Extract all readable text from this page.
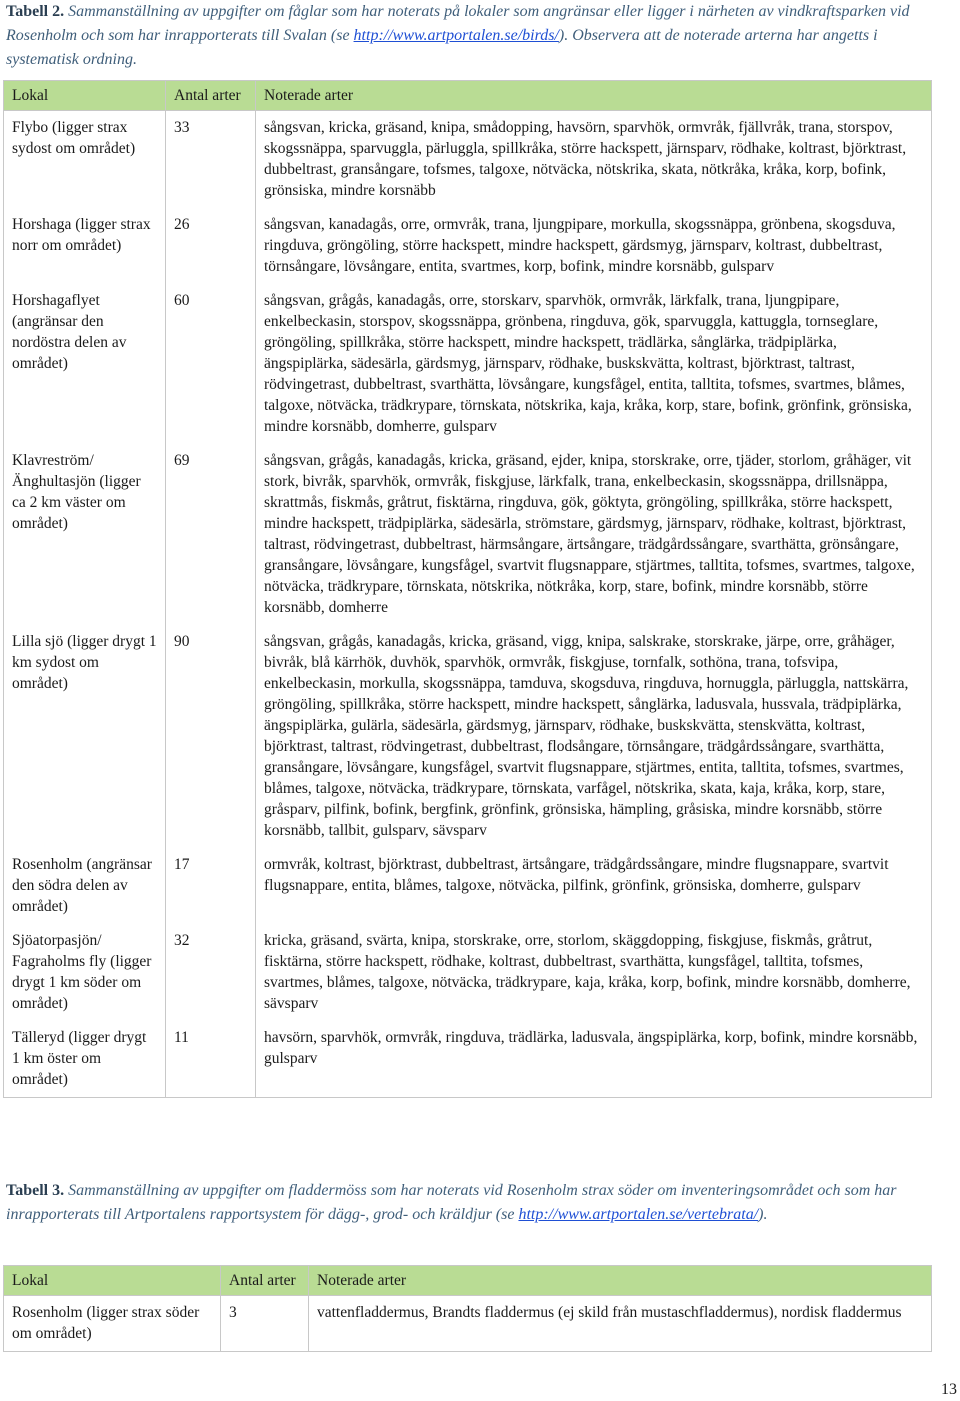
Tabell 2. Sammanställning av uppgifter om fåglar som har noterats på lokaler som angränsar eller ligger i närheten av vindkraftsparken vid Rosenholm och som har inrapporterats till Svalan (se http://www.artportalen.se/birds/). Observera att de noterade arterna har angetts i systematisk ordning.
Lokal	Antal arter	Noterade arter
Flybo (ligger strax sydost om området)	33	sångsvan, kricka, gräsand, knipa, smådopping, havsörn, sparvhök, ormvråk, fjällvråk, trana, storspov, skogssnäppa, sparvuggla, pärluggla, spillkråka, större hackspett, järnsparv, rödhake, koltrast, björktrast, dubbeltrast, gransångare, tofsmes, talgoxe, nötväcka, nötskrika, skata, nötkråka, kråka, korp, bofink, grönsiska, mindre korsnäbb
Horshaga (ligger strax norr om området)	26	sångsvan, kanadagås, orre, ormvråk, trana, ljungpipare, morkulla, skogssnäppa, grönbena, skogsduva, ringduva, gröngöling, större hackspett, mindre hackspett, gärdsmyg, järnsparv, koltrast, dubbeltrast, törnsångare, lövsångare, entita, svartmes, korp, bofink, mindre korsnäbb, gulsparv
Horshagaflyet (angränsar den nordöstra delen av området)	60	sångsvan, grågås, kanadagås, orre, storskarv, sparvhök, ormvråk, lärkfalk, trana, ljungpipare, enkelbeckasin, storspov, skogssnäppa, grönbena, ringduva, gök, sparvuggla, kattuggla, tornseglare, gröngöling, spillkråka, större hackspett, mindre hackspett, trädlärka, sånglärka, trädpiplärka, ängspiplärka, sädesärla, gärdsmyg, järnsparv, rödhake, buskskvätta, koltrast, björktrast, taltrast, rödvingetrast, dubbeltrast, svarthätta, lövsångare, kungsfågel, entita, talltita, tofsmes, svartmes, blåmes, talgoxe, nötväcka, trädkrypare, törnskata, nötskrika, kaja, kråka, korp, stare, bofink, grönfink, grönsiska, mindre korsnäbb, domherre, gulsparv
Klavreström/ Änghultasjön (ligger ca 2 km väster om området)	69	sångsvan, grågås, kanadagås, kricka, gräsand, ejder, knipa, storskrake, orre, tjäder, storlom, gråhäger, vit stork, bivråk, sparvhök, ormvråk, fiskgjuse, lärkfalk, trana, enkelbeckasin, skogssnäppa, drillsnäppa, skrattmås, fiskmås, gråtrut, fisktärna, ringduva, gök, göktyta, gröngöling, spillkråka, större hackspett, mindre hackspett, trädpiplärka, sädesärla, strömstare, gärdsmyg, järnsparv, rödhake, koltrast, björktrast, taltrast, rödvingetrast, dubbeltrast, härmsångare, ärtsångare, trädgårdssångare, svarthätta, grönsångare, gransångare, lövsångare, kungsfågel, svartvit flugsnappare, stjärtmes, talltita, tofsmes, svartmes, talgoxe, nötväcka, trädkrypare, törnskata, nötskrika, nötkråka, korp, stare, bofink, mindre korsnäbb, större korsnäbb, domherre
Lilla sjö (ligger drygt 1 km sydost om området)	90	sångsvan, grågås, kanadagås, kricka, gräsand, vigg, knipa, salskrake, storskrake, järpe, orre, gråhäger, bivråk, blå kärrhök, duvhök, sparvhök, ormvråk, fiskgjuse, tornfalk, sothöna, trana, tofsvipa, enkelbeckasin, morkulla, skogssnäppa, tamduva, skogsduva, ringduva, hornuggla, pärluggla, nattskärra, gröngöling, spillkråka, större hackspett, mindre hackspett, sånglärka, ladusvala, hussvala, trädpiplärka, ängspiplärka, gulärla, sädesärla, gärdsmyg, järnsparv, rödhake, buskskvätta, stenskvätta, koltrast, björktrast, taltrast, rödvingetrast, dubbeltrast, flodsångare, törnsångare, trädgårdssångare, svarthätta, gransångare, lövsångare, kungsfågel, svartvit flugsnappare, stjärtmes, entita, talltita, tofsmes, svartmes, blåmes, talgoxe, nötväcka, trädkrypare, törnskata, varfågel, nötskrika, skata, kaja, kråka, korp, stare, gråsparv, pilfink, bofink, bergfink, grönfink, grönsiska, hämpling, gråsiska, mindre korsnäbb, större korsnäbb, tallbit, gulsparv, sävsparv
Rosenholm (angränsar den södra delen av området)	17	ormvråk, koltrast, björktrast, dubbeltrast, ärtsångare, trädgårdssångare, mindre flugsnappare, svartvit flugsnappare, entita, blåmes, talgoxe, nötväcka, pilfink, grönfink, grönsiska, domherre, gulsparv
Sjöatorpasjön/ Fagraholms fly (ligger drygt 1 km söder om området)	32	kricka, gräsand, svärta, knipa, storskrake, orre, storlom, skäggdopping, fiskgjuse, fiskmås, gråtrut, fisktärna, större hackspett, rödhake, koltrast, dubbeltrast, svarthätta, kungsfågel, talltita, tofsmes, svartmes, blåmes, talgoxe, nötväcka, trädkrypare, kaja, kråka, korp, bofink, mindre korsnäbb, domherre, sävsparv
Tälleryd (ligger drygt 1 km öster om området)	11	havsörn, sparvhök, ormvråk, ringduva, trädlärka, ladusvala, ängspiplärka, korp, bofink, mindre korsnäbb, gulsparv
Tabell 3. Sammanställning av uppgifter om fladdermöss som har noterats vid Rosenholm strax söder om inventeringsområdet och som har inrapporterats till Artportalens rapportsystem för dägg-, grod- och kräldjur (se http://www.artportalen.se/vertebrata/).
Lokal	Antal arter	Noterade arter
Rosenholm (ligger strax söder om området)	3	vattenfladdermus, Brandts fladdermus (ej skild från mustaschfladdermus), nordisk fladdermus
13
